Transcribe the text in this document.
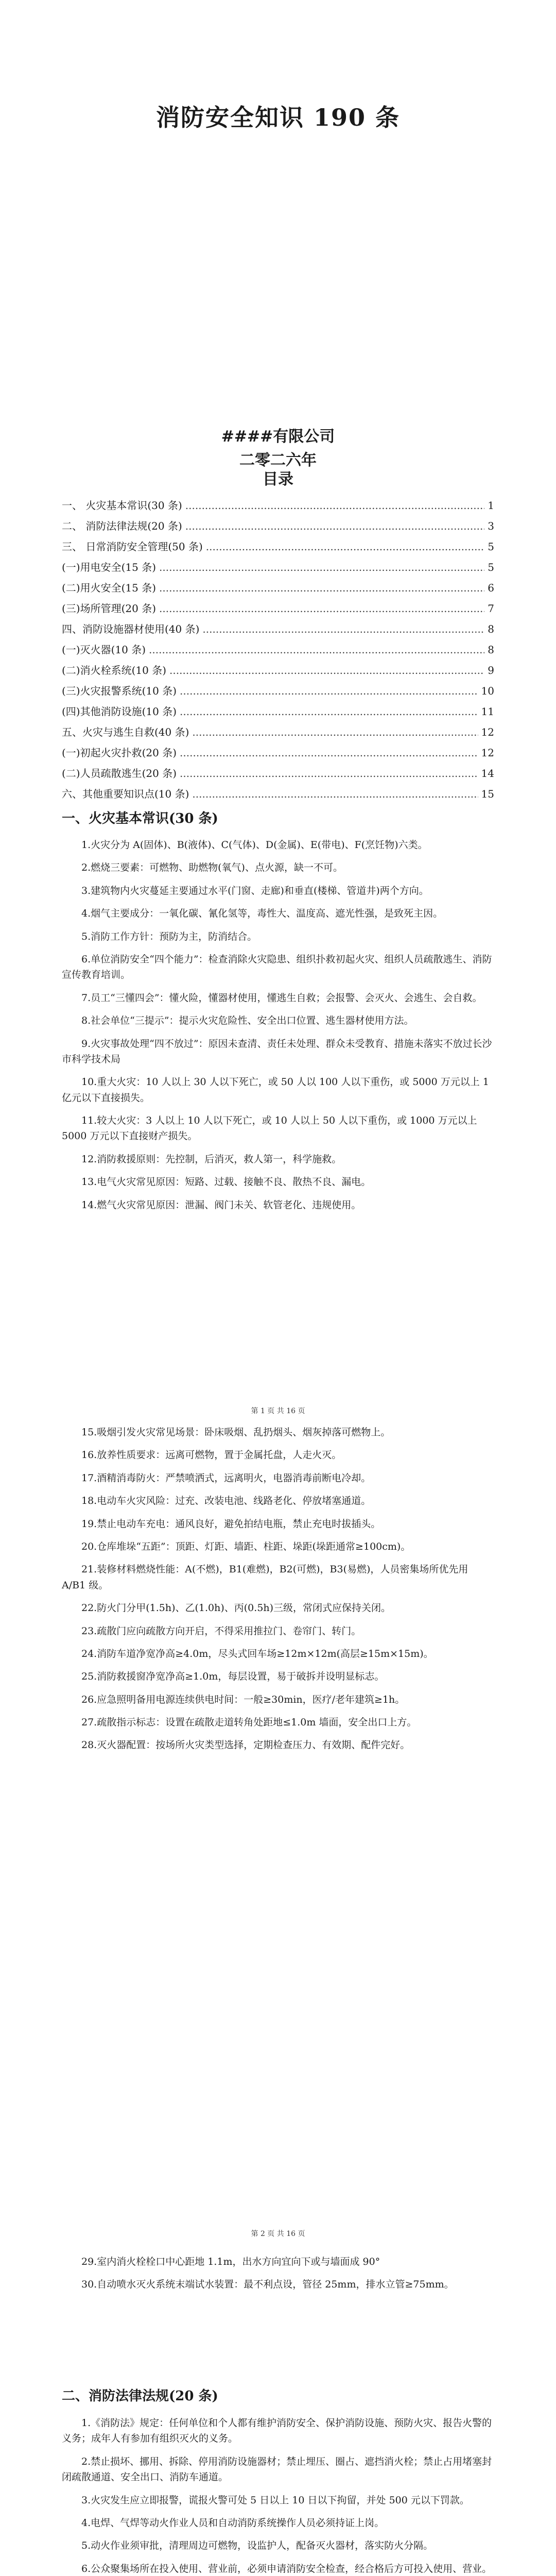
消防安全知识 190 条
####有限公司
二零二六年
目录
一、 火灾基本常识(30 条) .....	1
二、 消防法律法规(20 条) .....	3
三、 日常消防安全管理(50 条) .....	5
(一)用电安全(15 条) .....	5
(二)用火安全(15 条) .....	6
(三)场所管理(20 条) .....	7
四、消防设施器材使用(40 条) .....	8
(一)灭火器(10 条) .....	8
(二)消火栓系统(10 条) .....	9
(三)火灾报警系统(10 条) .....	10
(四)其他消防设施(10 条) .....	11
五、火灾与逃生自救(40 条) .....	12
(一)初起火灾扑救(20 条) .....	12
(二)人员疏散逃生(20 条) .....	14
六、其他重要知识点(10 条) .....	15
一、火灾基本常识(30 条)

1.火灾分为 A(固体)、B(液体)、C(气体)、D(金属)、E(带电)、F(烹饪物)六类。

2.燃烧三要素：可燃物、助燃物(氧气)、点火源，缺一不可。

3.建筑物内火灾蔓延主要通过水平(门窗、走廊)和垂直(楼梯、管道井)两个方向。

4.烟气主要成分：一氧化碳、氰化氢等，毒性大、温度高、遮光性强，是致死主因。

5.消防工作方针：预防为主，防消结合。

6.单位消防安全“四个能力”：检查消除火灾隐患、组织扑救初起火灾、组织人员疏散逃生、消防宣传教育培训。

7.员工“三懂四会”：懂火险，懂器材使用，懂逃生自救；会报警、会灭火、会逃生、会自救。

8.社会单位“三提示”：提示火灾危险性、安全出口位置、逃生器材使用方法。

9.火灾事故处理“四不放过”：原因未查清、责任未处理、群众未受教育、措施未落实不放过长沙市科学技术局

10.重大火灾：10 人以上 30 人以下死亡，或 50 人以 100 人以下重伤，或 5000 万元以上 1 亿元以下直接损失。

11.较大火灾：3 人以上 10 人以下死亡，或 10 人以上 50 人以下重伤，或 1000 万元以上 5000 万元以下直接财产损失。

12.消防救援原则：先控制，后消灭，救人第一，科学施救。

13.电气火灾常见原因：短路、过载、接触不良、散热不良、漏电。

14.燃气火灾常见原因：泄漏、阀门未关、软管老化、违规使用。

第 1 页 共 16 页

15.吸烟引发火灾常见场景：卧床吸烟、乱扔烟头、烟灰掉落可燃物上。

16.放养性质要求：远离可燃物，置于金属托盘，人走火灭。

17.酒精消毒防火：严禁喷洒式，远离明火，电器消毒前断电冷却。

18.电动车火灾风险：过充、改装电池、线路老化、停放堵塞通道。

19.禁止电动车充电：通风良好，避免拍结电瓶，禁止充电时拔插头。

20.仓库堆垛“五距”：顶距、灯距、墙距、柱距、垛距(垛距通常≥100cm)。

21.装修材料燃烧性能：A(不燃)，B1(难燃)，B2(可燃)，B3(易燃)，人员密集场所优先用 A/B1 级。

22.防火门分甲(1.5h)、乙(1.0h)、丙(0.5h)三级，常闭式应保持关闭。

23.疏散门应向疏散方向开启，不得采用推拉门、卷帘门、转门。

24.消防车道净宽净高≥4.0m，尽头式回车场≥12m×12m(高层≥15m×15m)。

25.消防救援窗净宽净高≥1.0m，每层设置，易于破拆并设明显标志。

26.应急照明备用电源连续供电时间：一般≥30min，医疗/老年建筑≥1h。

27.疏散指示标志：设置在疏散走道转角处距地≤1.0m 墙面，安全出口上方。

28.灭火器配置：按场所火灾类型选择，定期检查压力、有效期、配件完好。

第 2 页 共 16 页

29.室内消火栓栓口中心距地 1.1m，出水方向宜向下或与墙面成 90°

30.自动喷水灭火系统末端试水装置：最不利点设，管径 25mm，排水立管≥75mm。

二、消防法律法规(20 条)

1.《消防法》规定：任何单位和个人都有维护消防安全、保护消防设施、预防火灾、报告火警的义务；成年人有参加有组织灭火的义务。

2.禁止损坏、挪用、拆除、停用消防设施器材；禁止埋压、圈占、遮挡消火栓；禁止占用堵塞封闭疏散通道、安全出口、消防车通道。

3.火灾发生应立即报警，谎报火警可处 5 日以上 10 日以下拘留，并处 500 元以下罚款。

4.电焊、气焊等动火作业人员和自动消防系统操作人员必须持证上岗。

5.动火作业须审批，清理周边可燃物，设监护人，配备灭火器材，落实防火分隔。

6.公众聚集场所在投入使用、营业前，必须申请消防安全检查，经合格后方可投入使用、营业。
